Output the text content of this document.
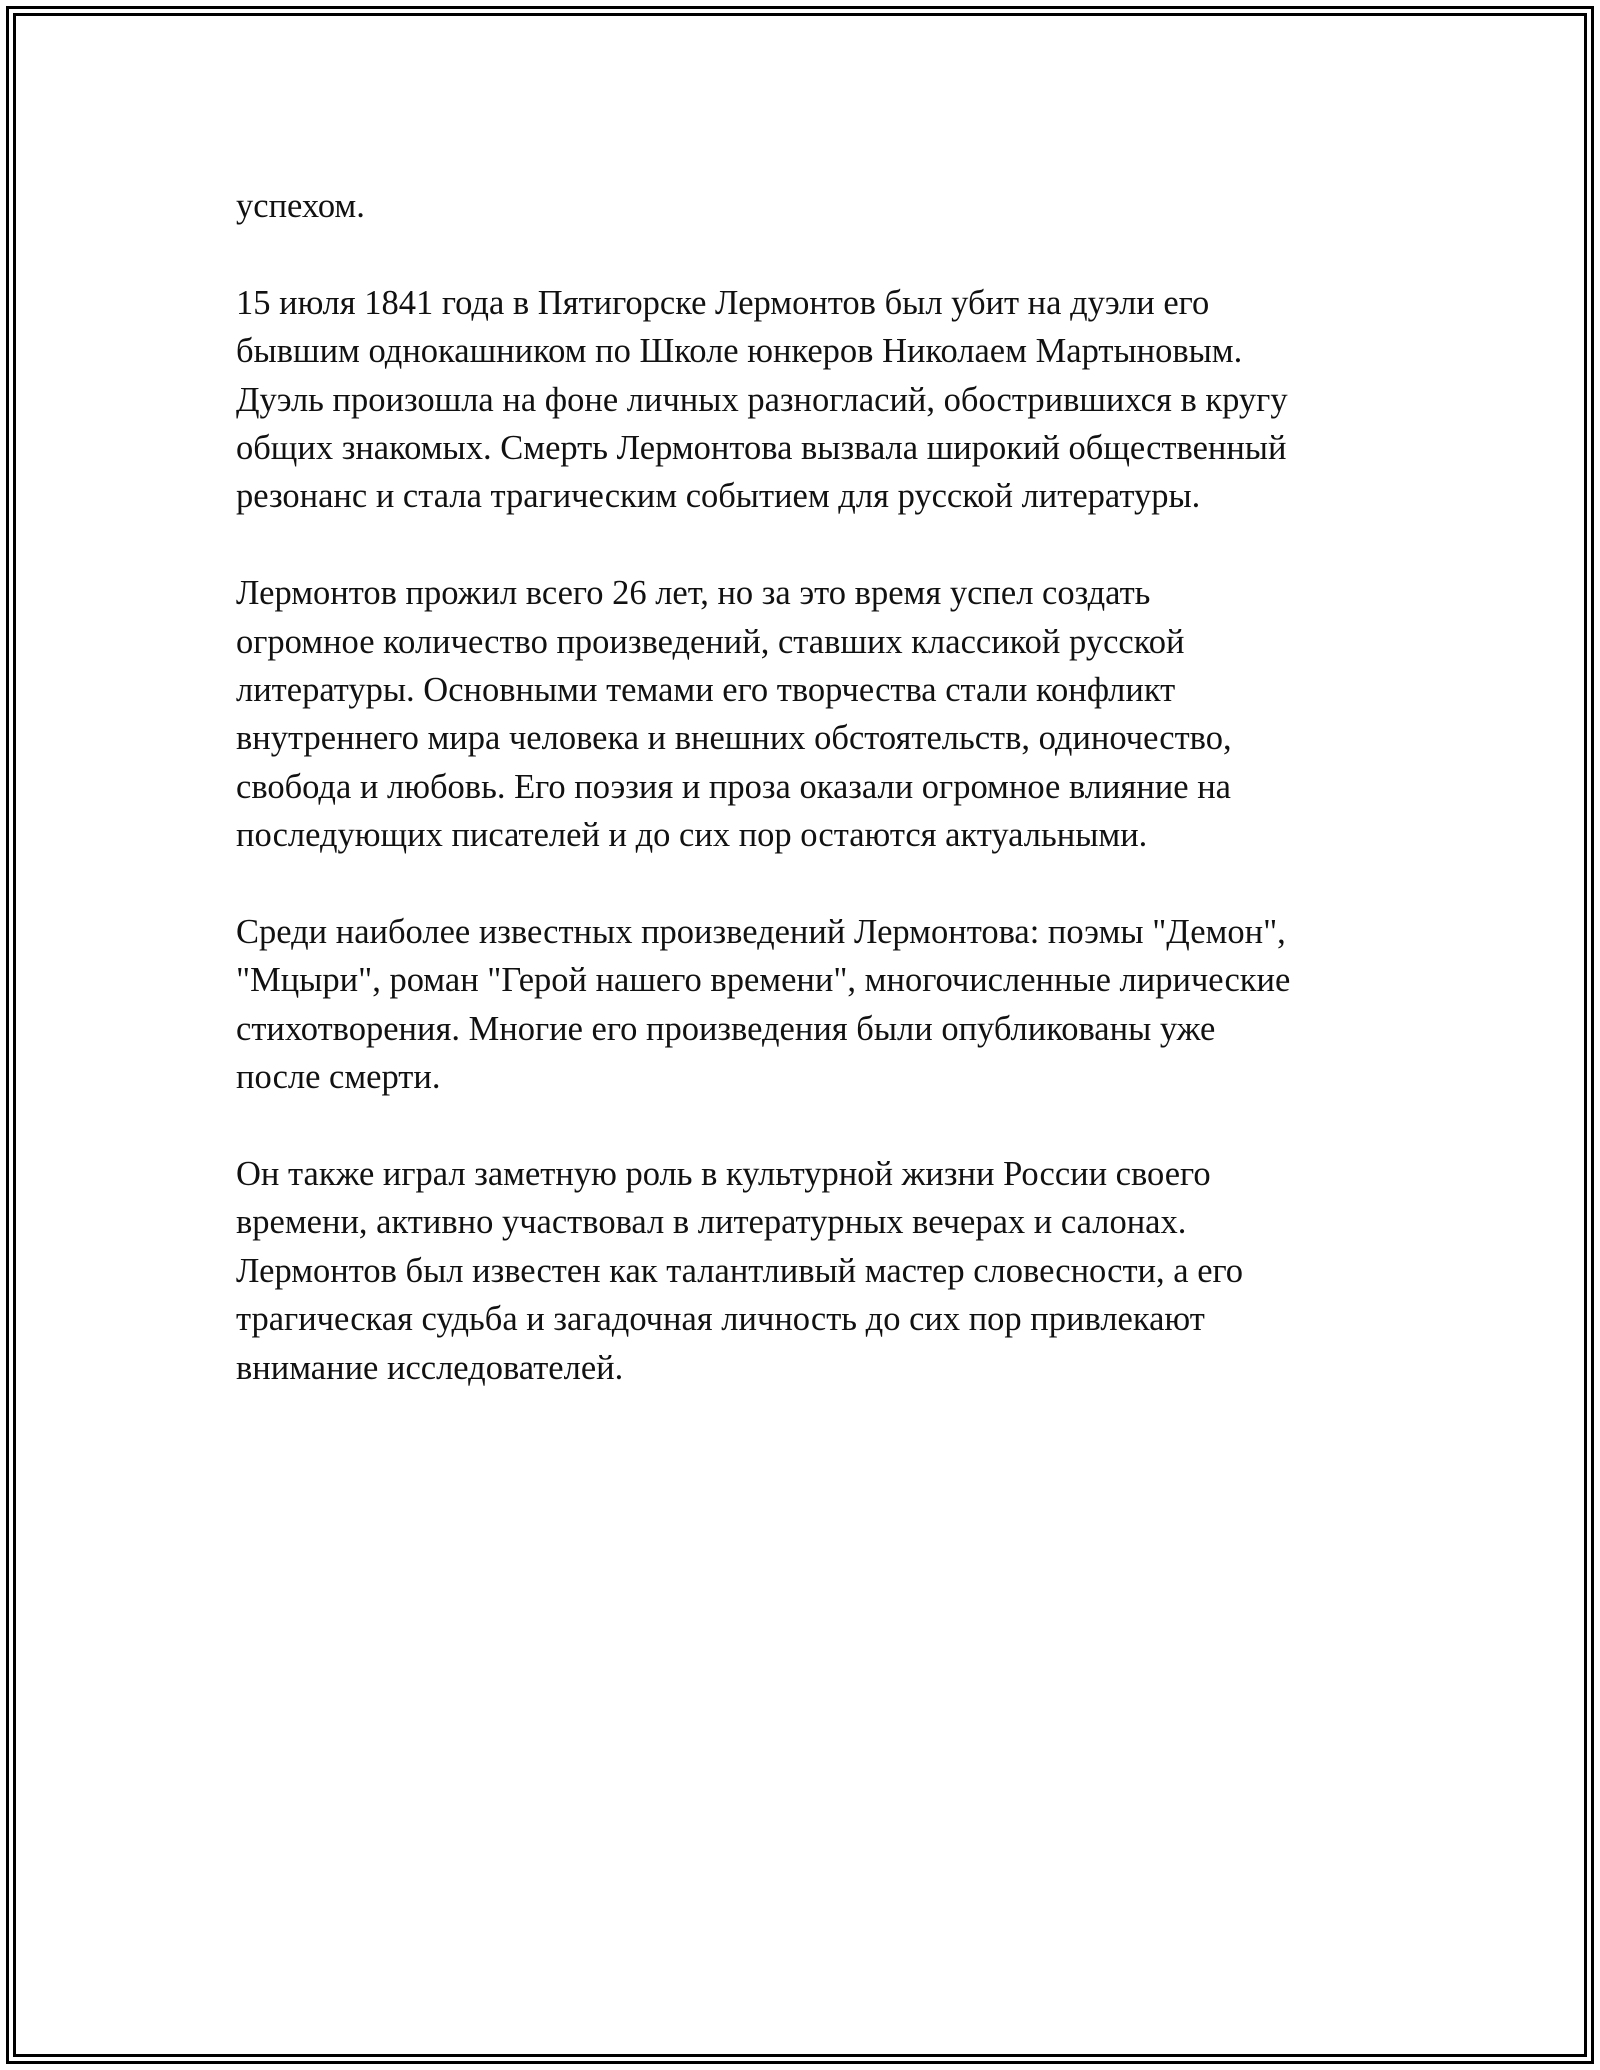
успехом.

15 июля 1841 года в Пятигорске Лермонтов был убит на дуэли его
бывшим однокашником по Школе юнкеров Николаем Мартыновым.
Дуэль произошла на фоне личных разногласий, обострившихся в кругу
общих знакомых. Смерть Лермонтова вызвала широкий общественный
резонанс и стала трагическим событием для русской литературы.

Лермонтов прожил всего 26 лет, но за это время успел создать
огромное количество произведений, ставших классикой русской
литературы. Основными темами его творчества стали конфликт
внутреннего мира человека и внешних обстоятельств, одиночество,
свобода и любовь. Его поэзия и проза оказали огромное влияние на
последующих писателей и до сих пор остаются актуальными.

Среди наиболее известных произведений Лермонтова: поэмы "Демон",
"Мцыри", роман "Герой нашего времени", многочисленные лирические
стихотворения. Многие его произведения были опубликованы уже
после смерти.

Он также играл заметную роль в культурной жизни России своего
времени, активно участвовал в литературных вечерах и салонах.
Лермонтов был известен как талантливый мастер словесности, а его
трагическая судьба и загадочная личность до сих пор привлекают
внимание исследователей.
